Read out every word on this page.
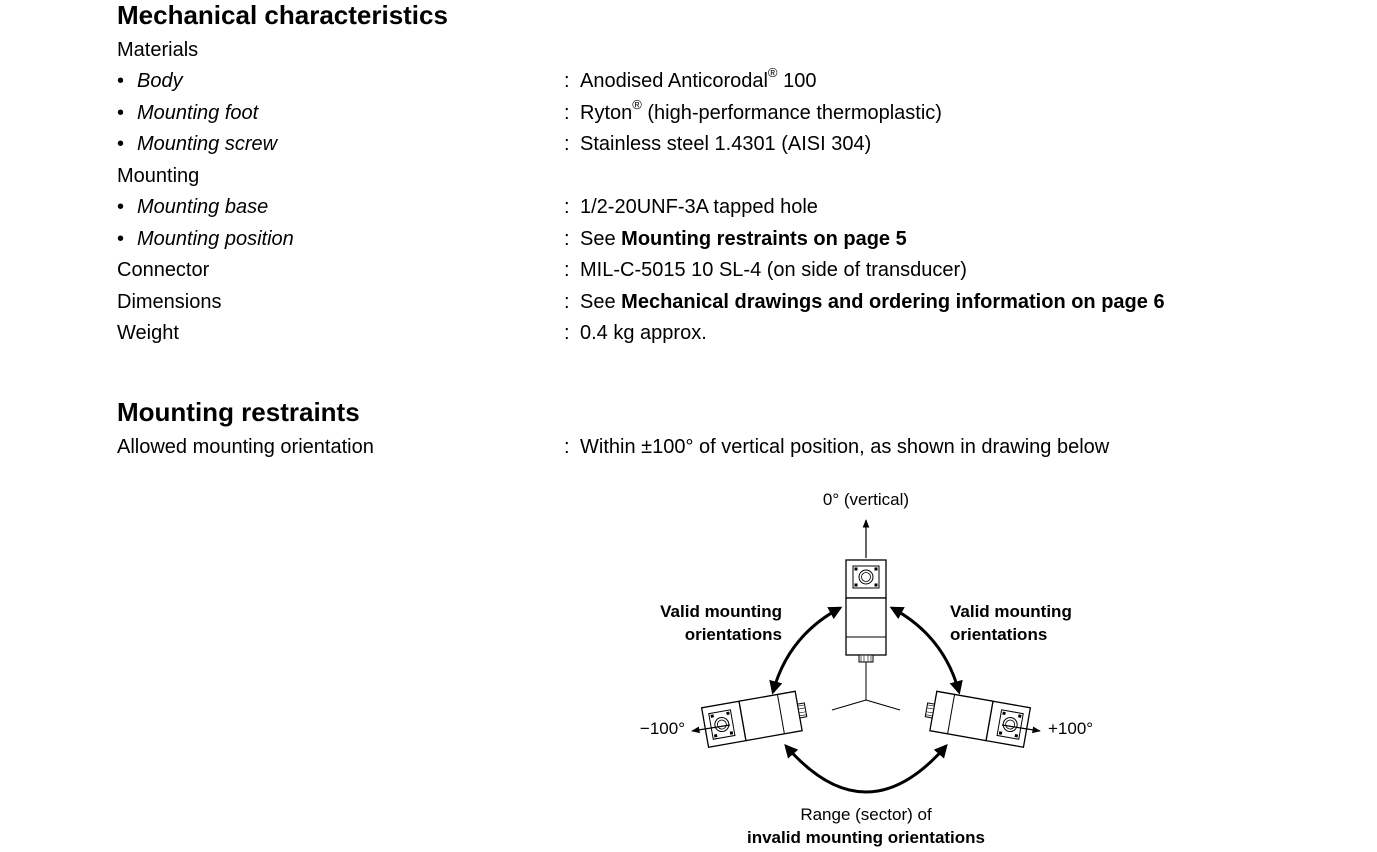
Mechanical characteristics
Materials
• Body	: Anodised Anticorodal® 100
• Mounting foot	: Ryton® (high-performance thermoplastic)
• Mounting screw	: Stainless steel 1.4301 (AISI 304)
Mounting
• Mounting base	: 1/2-20UNF-3A tapped hole
• Mounting position	: See Mounting restraints on page 5
Connector	: MIL-C-5015 10 SL-4 (on side of transducer)
Dimensions	: See Mechanical drawings and ordering information on page 6
Weight	: 0.4 kg approx.
Mounting restraints
Allowed mounting orientation	: Within ±100° of vertical position, as shown in drawing below
0° (vertical)
Valid mounting
orientations
Valid mounting
orientations
−100°	+100°
Range (sector) of
invalid mounting orientations
